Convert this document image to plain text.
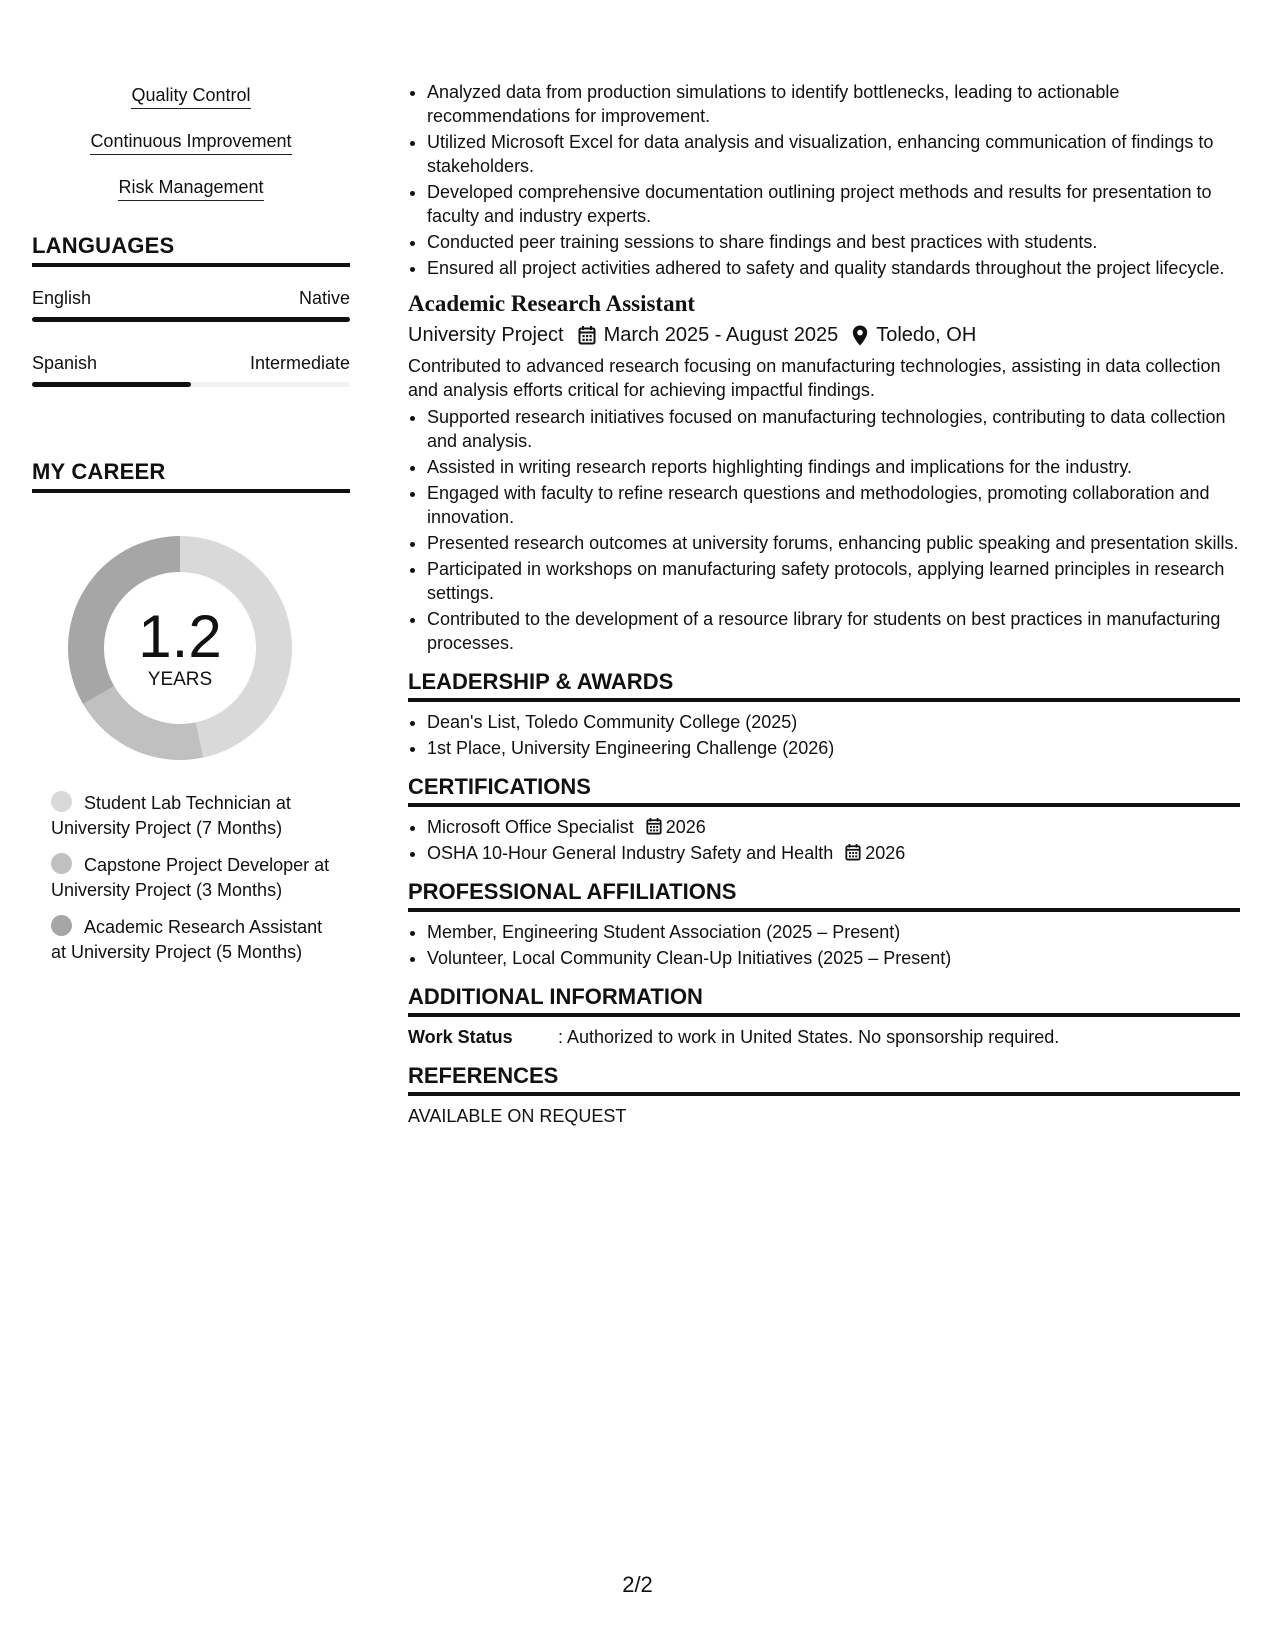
Quality Control
Continuous Improvement
Risk Management
LANGUAGES
English	Native
Spanish	Intermediate
MY CAREER
1.2
YEARS
Student Lab Technician at University Project (7 Months)
Capstone Project Developer at University Project (3 Months)
Academic Research Assistant at University Project (5 Months)
• Analyzed data from production simulations to identify bottlenecks, leading to actionable recommendations for improvement.
• Utilized Microsoft Excel for data analysis and visualization, enhancing communication of findings to stakeholders.
• Developed comprehensive documentation outlining project methods and results for presentation to faculty and industry experts.
• Conducted peer training sessions to share findings and best practices with students.
• Ensured all project activities adhered to safety and quality standards throughout the project lifecycle.
Academic Research Assistant
University Project March 2025 - August 2025 Toledo, OH
Contributed to advanced research focusing on manufacturing technologies, assisting in data collection and analysis efforts critical for achieving impactful findings.
• Supported research initiatives focused on manufacturing technologies, contributing to data collection and analysis.
• Assisted in writing research reports highlighting findings and implications for the industry.
• Engaged with faculty to refine research questions and methodologies, promoting collaboration and innovation.
• Presented research outcomes at university forums, enhancing public speaking and presentation skills.
• Participated in workshops on manufacturing safety protocols, applying learned principles in research settings.
• Contributed to the development of a resource library for students on best practices in manufacturing processes.
LEADERSHIP & AWARDS
• Dean's List, Toledo Community College (2025)
• 1st Place, University Engineering Challenge (2026)
CERTIFICATIONS
• Microsoft Office Specialist 2026
• OSHA 10-Hour General Industry Safety and Health 2026
PROFESSIONAL AFFILIATIONS
• Member, Engineering Student Association (2025 – Present)
• Volunteer, Local Community Clean-Up Initiatives (2025 – Present)
ADDITIONAL INFORMATION
Work Status	: Authorized to work in United States. No sponsorship required.
REFERENCES
AVAILABLE ON REQUEST
2/2
